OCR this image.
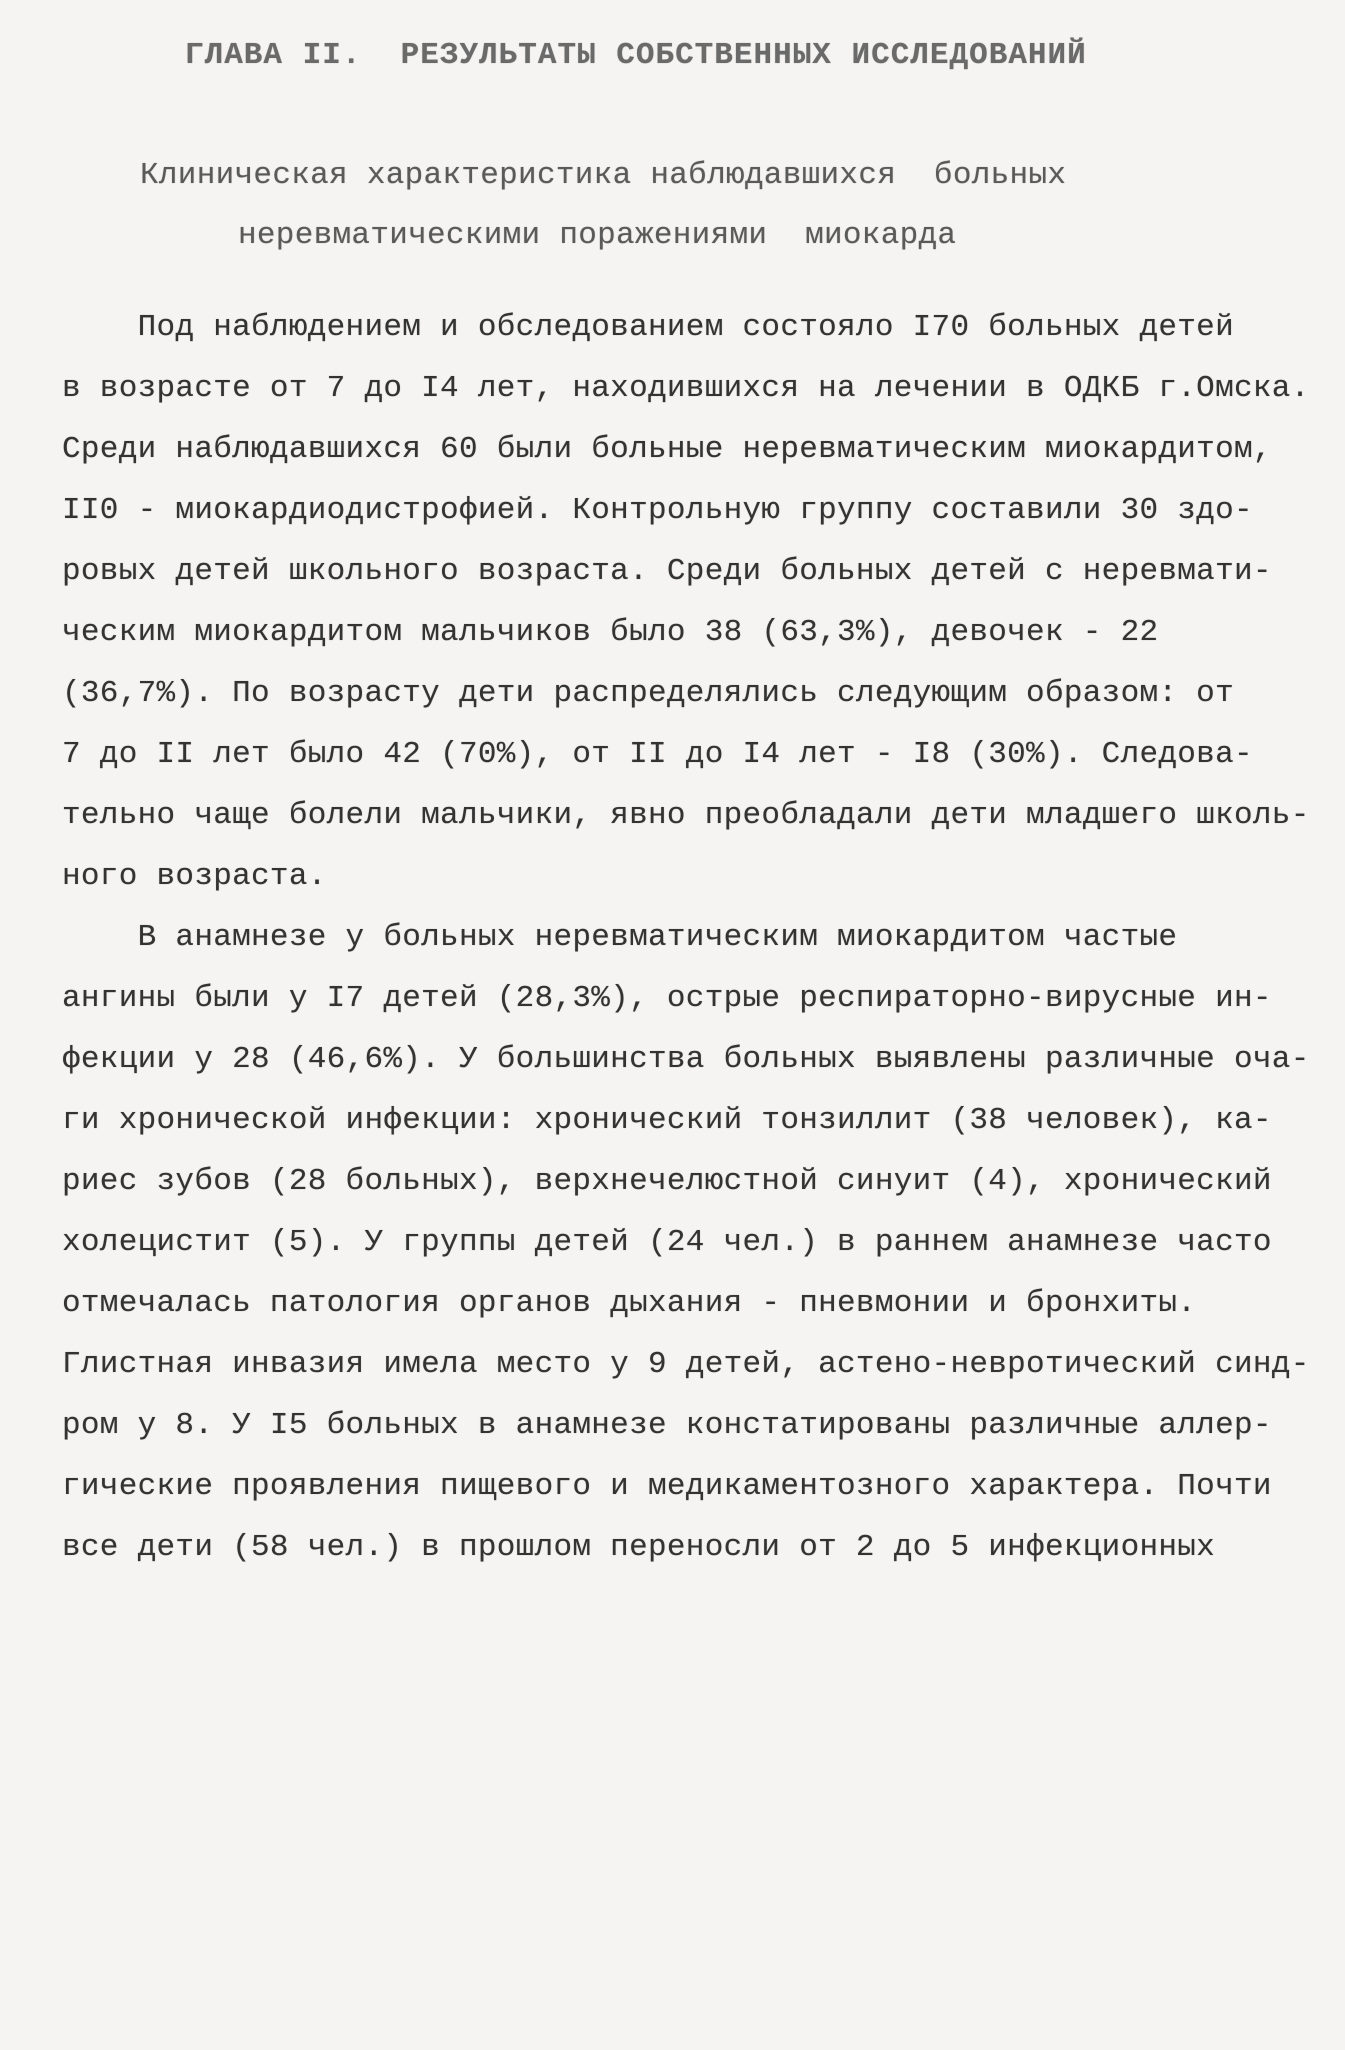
ГЛАВА II.  РЕЗУЛЬТАТЫ СОБСТВЕННЫХ ИССЛЕДОВАНИЙ
Клиническая характеристика наблюдавшихся  больных
неревматическими поражениями  миокарда
Под наблюдением и обследованием состояло I70 больных детей
в возрасте от 7 до I4 лет, находившихся на лечении в ОДКБ г.Омска.
Среди наблюдавшихся 60 были больные неревматическим миокардитом,
II0 - миокардиодистрофией. Контрольную группу составили 30 здо-
ровых детей школьного возраста. Среди больных детей с неревмати-
ческим миокардитом мальчиков было 38 (63,3%), девочек - 22
(36,7%). По возрасту дети распределялись следующим образом: от
7 до II лет было 42 (70%), от II до I4 лет - I8 (30%). Следова-
тельно чаще болели мальчики, явно преобладали дети младшего школь-
ного возраста.
В анамнезе у больных неревматическим миокардитом частые
ангины были у I7 детей (28,3%), острые респираторно-вирусные ин-
фекции у 28 (46,6%). У большинства больных выявлены различные оча-
ги хронической инфекции: хронический тонзиллит (38 человек), ка-
риес зубов (28 больных), верхнечелюстной синуит (4), хронический
холецистит (5). У группы детей (24 чел.) в раннем анамнезе часто
отмечалась патология органов дыхания - пневмонии и бронхиты.
Глистная инвазия имела место у 9 детей, астено-невротический синд-
ром у 8. У I5 больных в анамнезе констатированы различные аллер-
гические проявления пищевого и медикаментозного характера. Почти
все дети (58 чел.) в прошлом переносли от 2 до 5 инфекционных
